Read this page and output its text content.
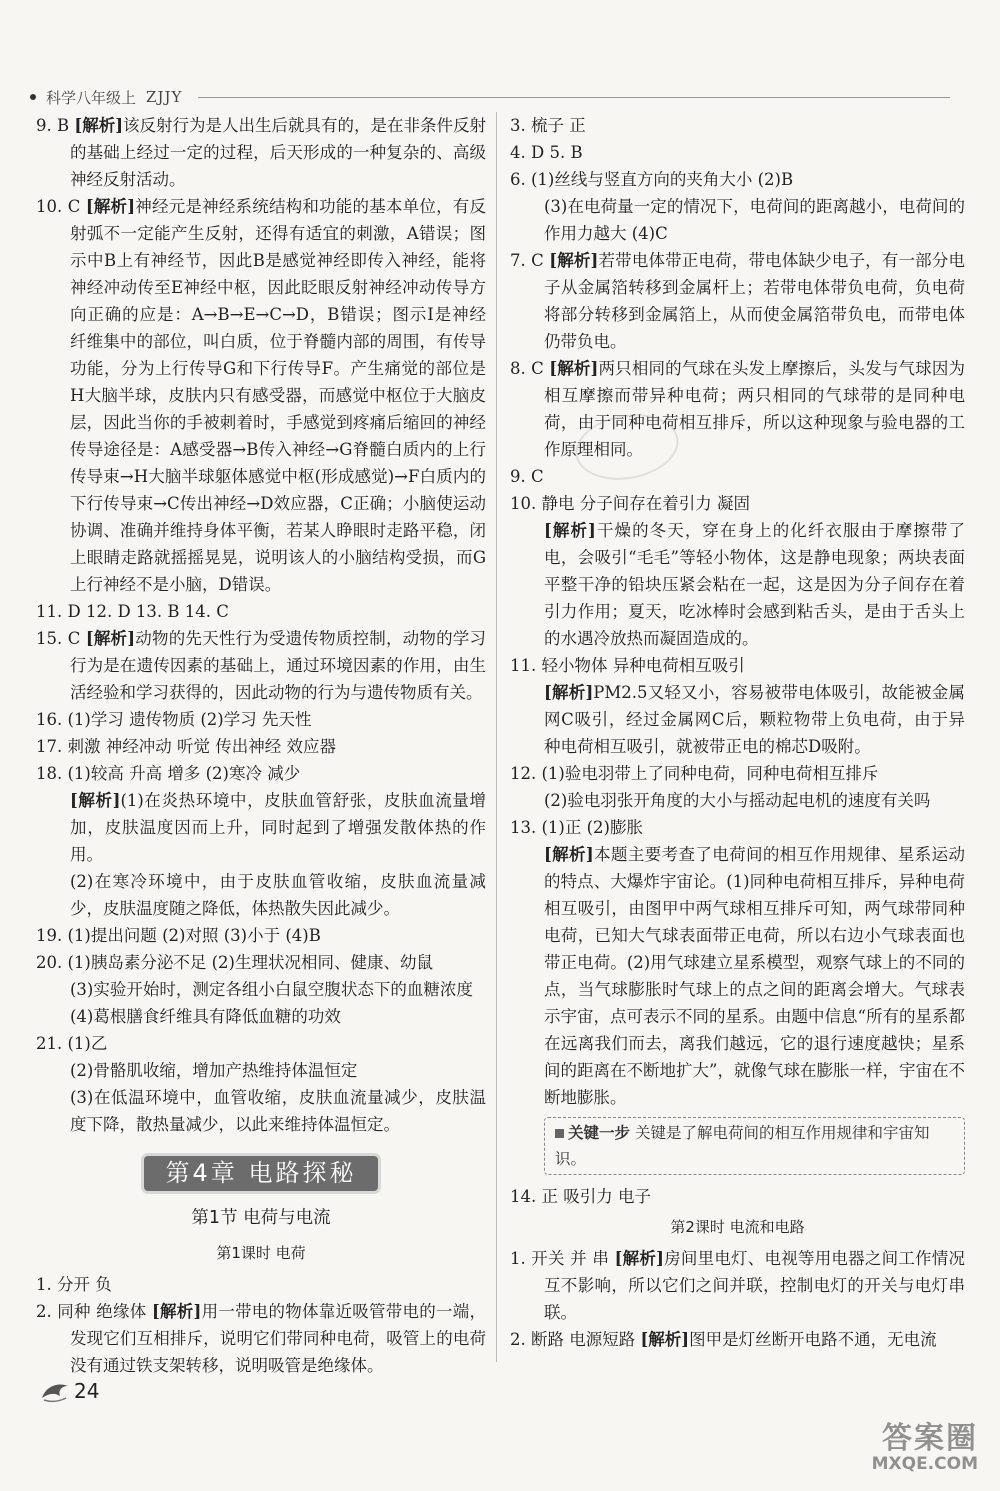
科学八年级上 ZJJY

9. B [解析]该反射行为是人出生后就具有的，是在非条件反射的基础上经过一定的过程，后天形成的一种复杂的、高级神经反射活动。

10. C [解析]神经元是神经系统结构和功能的基本单位，有反射弧不一定能产生反射，还得有适宜的刺激，A错误；图示中B上有神经节，因此B是感觉神经即传入神经，能将神经冲动传至E神经中枢，因此眨眼反射神经冲动传导方向正确的应是：A→B→E→C→D，B错误；图示I是神经纤维集中的部位，叫白质，位于脊髓内部的周围，有传导功能，分为上行传导G和下行传导F。产生痛觉的部位是H大脑半球，皮肤内只有感受器，而感觉中枢位于大脑皮层，因此当你的手被刺着时，手感觉到疼痛后缩回的神经传导途径是：A感受器→B传入神经→G脊髓白质内的上行传导束→H大脑半球躯体感觉中枢(形成感觉)→F白质内的下行传导束→C传出神经→D效应器，C正确；小脑使运动协调、准确并维持身体平衡，若某人睁眼时走路平稳，闭上眼睛走路就摇摇晃晃，说明该人的小脑结构受损，而G上行神经不是小脑，D错误。

11. D 12. D 13. B 14. C

15. C [解析]动物的先天性行为受遗传物质控制，动物的学习行为是在遗传因素的基础上，通过环境因素的作用，由生活经验和学习获得的，因此动物的行为与遗传物质有关。

16. (1)学习 遗传物质 (2)学习 先天性

17. 刺激 神经冲动 听觉 传出神经 效应器

18. (1)较高 升高 增多 (2)寒冷 减少

[解析](1)在炎热环境中，皮肤血管舒张，皮肤血流量增加，皮肤温度因而上升，同时起到了增强发散体热的作用。

(2)在寒冷环境中，由于皮肤血管收缩，皮肤血流量减少，皮肤温度随之降低，体热散失因此减少。

19. (1)提出问题 (2)对照 (3)小于 (4)B

20. (1)胰岛素分泌不足 (2)生理状况相同、健康、幼鼠

(3)实验开始时，测定各组小白鼠空腹状态下的血糖浓度

(4)葛根膳食纤维具有降低血糖的功效

21. (1)乙

(2)骨骼肌收缩，增加产热维持体温恒定

(3)在低温环境中，血管收缩，皮肤血流量减少，皮肤温度下降，散热量减少，以此来维持体温恒定。

第4章 电路探秘
第1节 电荷与电流
第1课时 电荷

1. 分开 负

2. 同种 绝缘体 [解析]用一带电的物体靠近吸管带电的一端，发现它们互相排斥，说明它们带同种电荷，吸管上的电荷没有通过铁支架转移，说明吸管是绝缘体。

3. 梳子 正

4. D 5. B

6. (1)丝线与竖直方向的夹角大小 (2)B

(3)在电荷量一定的情况下，电荷间的距离越小，电荷间的作用力越大 (4)C

7. C [解析]若带电体带正电荷，带电体缺少电子，有一部分电子从金属箔转移到金属杆上；若带电体带负电荷，负电荷将部分转移到金属箔上，从而使金属箔带负电，而带电体仍带负电。

8. C [解析]两只相同的气球在头发上摩擦后，头发与气球因为相互摩擦而带异种电荷；两只相同的气球带的是同种电荷，由于同种电荷相互排斥，所以这种现象与验电器的工作原理相同。

9. C

10. 静电 分子间存在着引力 凝固

[解析]干燥的冬天，穿在身上的化纤衣服由于摩擦带了电，会吸引“毛毛”等轻小物体，这是静电现象；两块表面平整干净的铅块压紧会粘在一起，这是因为分子间存在着引力作用；夏天，吃冰棒时会感到粘舌头，是由于舌头上的水遇冷放热而凝固造成的。

11. 轻小物体 异种电荷相互吸引

[解析]PM2.5又轻又小，容易被带电体吸引，故能被金属网C吸引，经过金属网C后，颗粒物带上负电荷，由于异种电荷相互吸引，就被带正电的棉芯D吸附。

12. (1)验电羽带上了同种电荷，同种电荷相互排斥

(2)验电羽张开角度的大小与摇动起电机的速度有关吗

13. (1)正 (2)膨胀

[解析]本题主要考查了电荷间的相互作用规律、星系运动的特点、大爆炸宇宙论。(1)同种电荷相互排斥，异种电荷相互吸引，由图甲中两气球相互排斥可知，两气球带同种电荷，已知大气球表面带正电荷，所以右边小气球表面也带正电荷。(2)用气球建立星系模型，观察气球上的不同的点，当气球膨胀时气球上的点之间的距离会增大。气球表示宇宙，点可表示不同的星系。由题中信息“所有的星系都在远离我们而去，离我们越远，它的退行速度越快；星系间的距离在不断地扩大”，就像气球在膨胀一样，宇宙在不断地膨胀。

关键一步 关键是了解电荷间的相互作用规律和宇宙知识。

14. 正 吸引力 电子

第2课时 电流和电路

1. 开关 并 串 [解析]房间里电灯、电视等用电器之间工作情况互不影响，所以它们之间并联，控制电灯的开关与电灯串联。

2. 断路 电源短路 [解析]图甲是灯丝断开电路不通，无电流

24
答案圈
MXQE.COM
